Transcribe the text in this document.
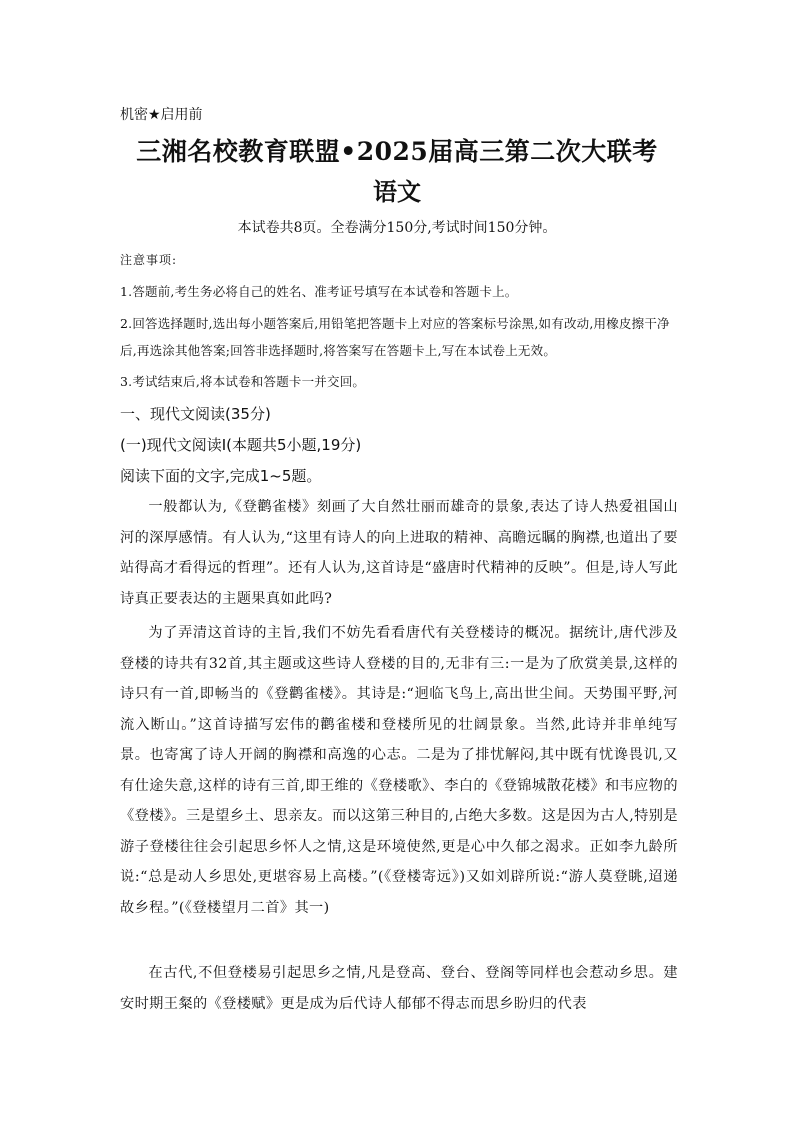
机密★启用前
三湘名校教育联盟•2025届高三第二次大联考
语文
本试卷共8页。全卷满分150分,考试时间150分钟。
注意事项:
1.答题前,考生务必将自己的姓名、准考证号填写在本试卷和答题卡上。
2.回答选择题时,选出每小题答案后,用铅笔把答题卡上对应的答案标号涂黑,如有改动,用橡皮擦干净后,再选涂其他答案;回答非选择题时,将答案写在答题卡上,写在本试卷上无效。
3.考试结束后,将本试卷和答题卡一并交回。
一、现代文阅读(35分)
(一)现代文阅读Ⅰ(本题共5小题,19分)
阅读下面的文字,完成1~5题。
一般都认为,《登鹳雀楼》刻画了大自然壮丽而雄奇的景象,表达了诗人热爱祖国山河的深厚感情。有人认为,“这里有诗人的向上进取的精神、高瞻远瞩的胸襟,也道出了要站得高才看得远的哲理”。还有人认为,这首诗是“盛唐时代精神的反映”。但是,诗人写此诗真正要表达的主题果真如此吗?
为了弄清这首诗的主旨,我们不妨先看看唐代有关登楼诗的概况。据统计,唐代涉及登楼的诗共有32首,其主题或这些诗人登楼的目的,无非有三:一是为了欣赏美景,这样的诗只有一首,即畅当的《登鹳雀楼》。其诗是:“迥临飞鸟上,高出世尘间。天势围平野,河流入断山。”这首诗描写宏伟的鹳雀楼和登楼所见的壮阔景象。当然,此诗并非单纯写景。也寄寓了诗人开阔的胸襟和高逸的心志。二是为了排忧解闷,其中既有忧谗畏讥,又有仕途失意,这样的诗有三首,即王维的《登楼歌》、李白的《登锦城散花楼》和韦应物的《登楼》。三是望乡土、思亲友。而以这第三种目的,占绝大多数。这是因为古人,特别是游子登楼往往会引起思乡怀人之情,这是环境使然,更是心中久郁之渴求。正如李九龄所说:“总是动人乡思处,更堪容易上高楼。”(《登楼寄远》)又如刘辟所说:“游人莫登眺,迢递故乡程。”(《登楼望月二首》其一)
在古代,不但登楼易引起思乡之情,凡是登高、登台、登阁等同样也会惹动乡思。建安时期王粲的《登楼赋》更是成为后代诗人郁郁不得志而思乡盼归的代表
